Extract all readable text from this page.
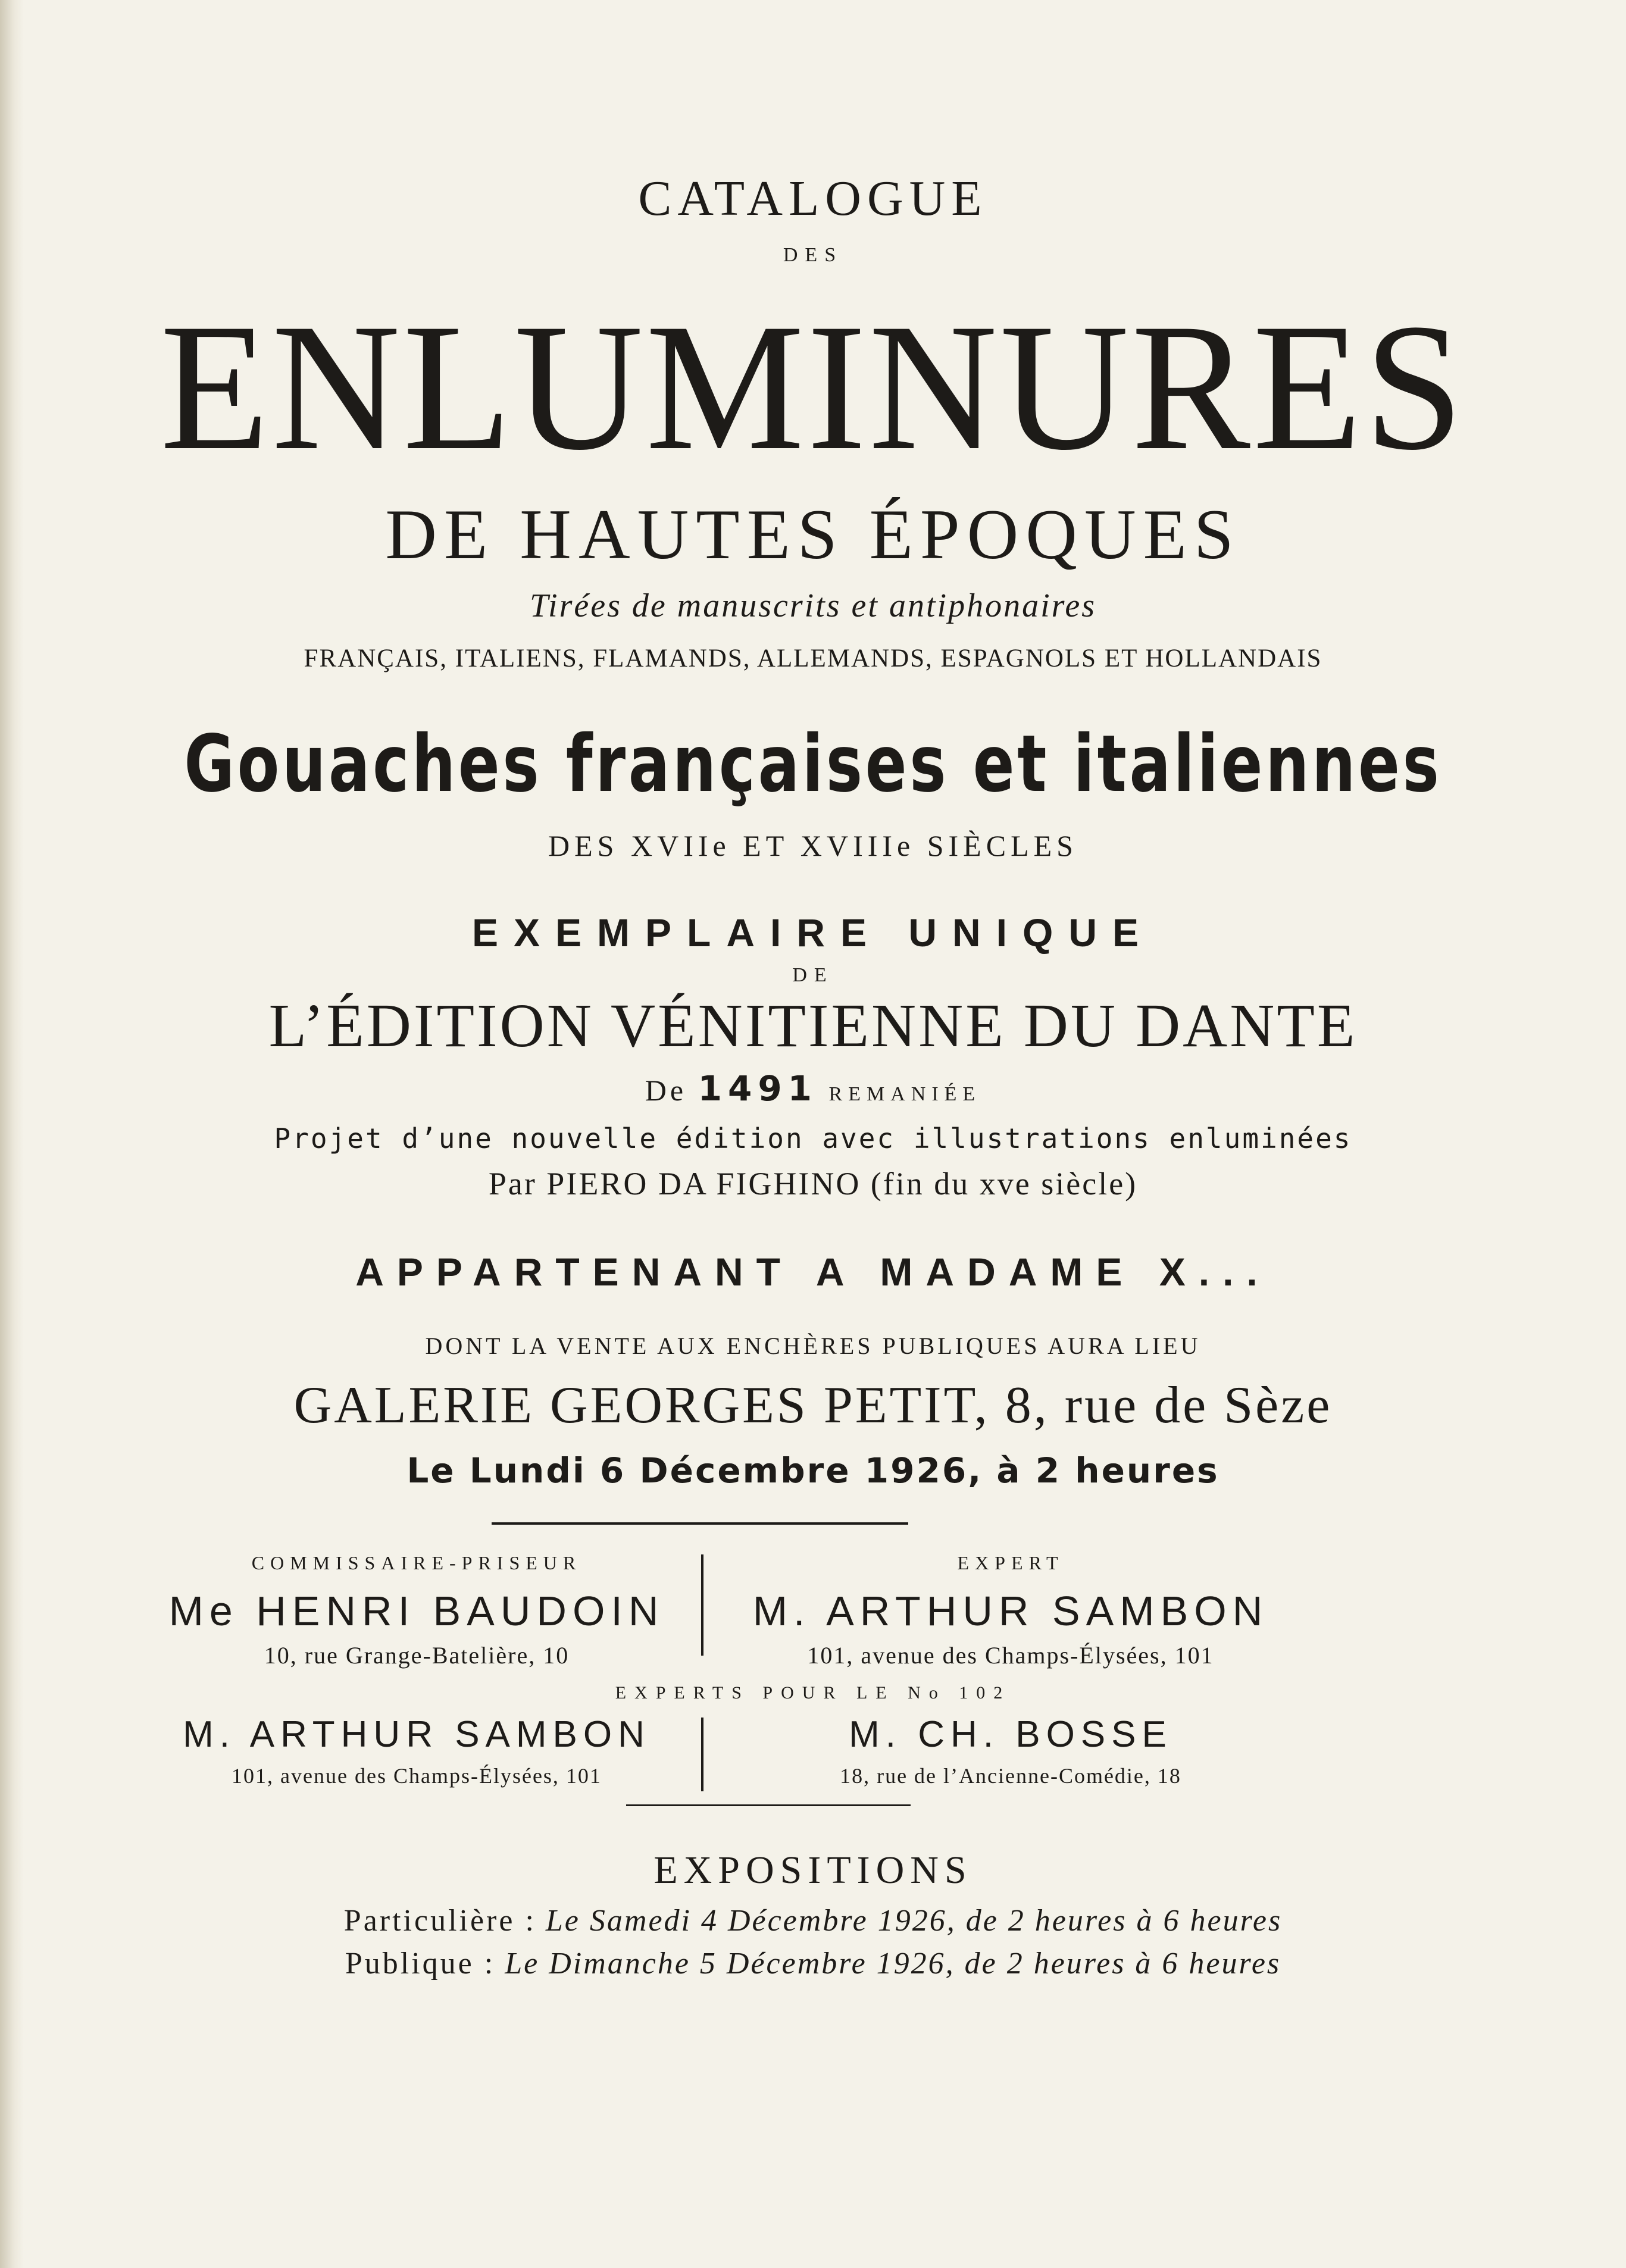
CATALOGUE
DES
ENLUMINURES
DE HAUTES ÉPOQUES
Tirées de manuscrits et antiphonaires
FRANÇAIS, ITALIENS, FLAMANDS, ALLEMANDS, ESPAGNOLS ET HOLLANDAIS
Gouaches françaises et italiennes
DES XVIIe ET XVIIIe SIÈCLES
EXEMPLAIRE UNIQUE
DE
L’ÉDITION VÉNITIENNE DU DANTE
De 1491 REMANIÉE
Projet d’une nouvelle édition avec illustrations enluminées
Par PIERO DA FIGHINO (fin du xve siècle)
APPARTENANT A MADAME X...
DONT LA VENTE AUX ENCHÈRES PUBLIQUES AURA LIEU
GALERIE GEORGES PETIT, 8, rue de Sèze
Le Lundi 6 Décembre 1926, à 2 heures
COMMISSAIRE-PRISEUR
Me HENRI BAUDOIN
10, rue Grange-Batelière, 10
EXPERT
M. ARTHUR SAMBON
101, avenue des Champs-Élysées, 101
EXPERTS POUR LE No 102
M. ARTHUR SAMBON
101, avenue des Champs-Élysées, 101
M. CH. BOSSE
18, rue de l’Ancienne-Comédie, 18
EXPOSITIONS
Particulière : Le Samedi 4 Décembre 1926, de 2 heures à 6 heures
Publique : Le Dimanche 5 Décembre 1926, de 2 heures à 6 heures
